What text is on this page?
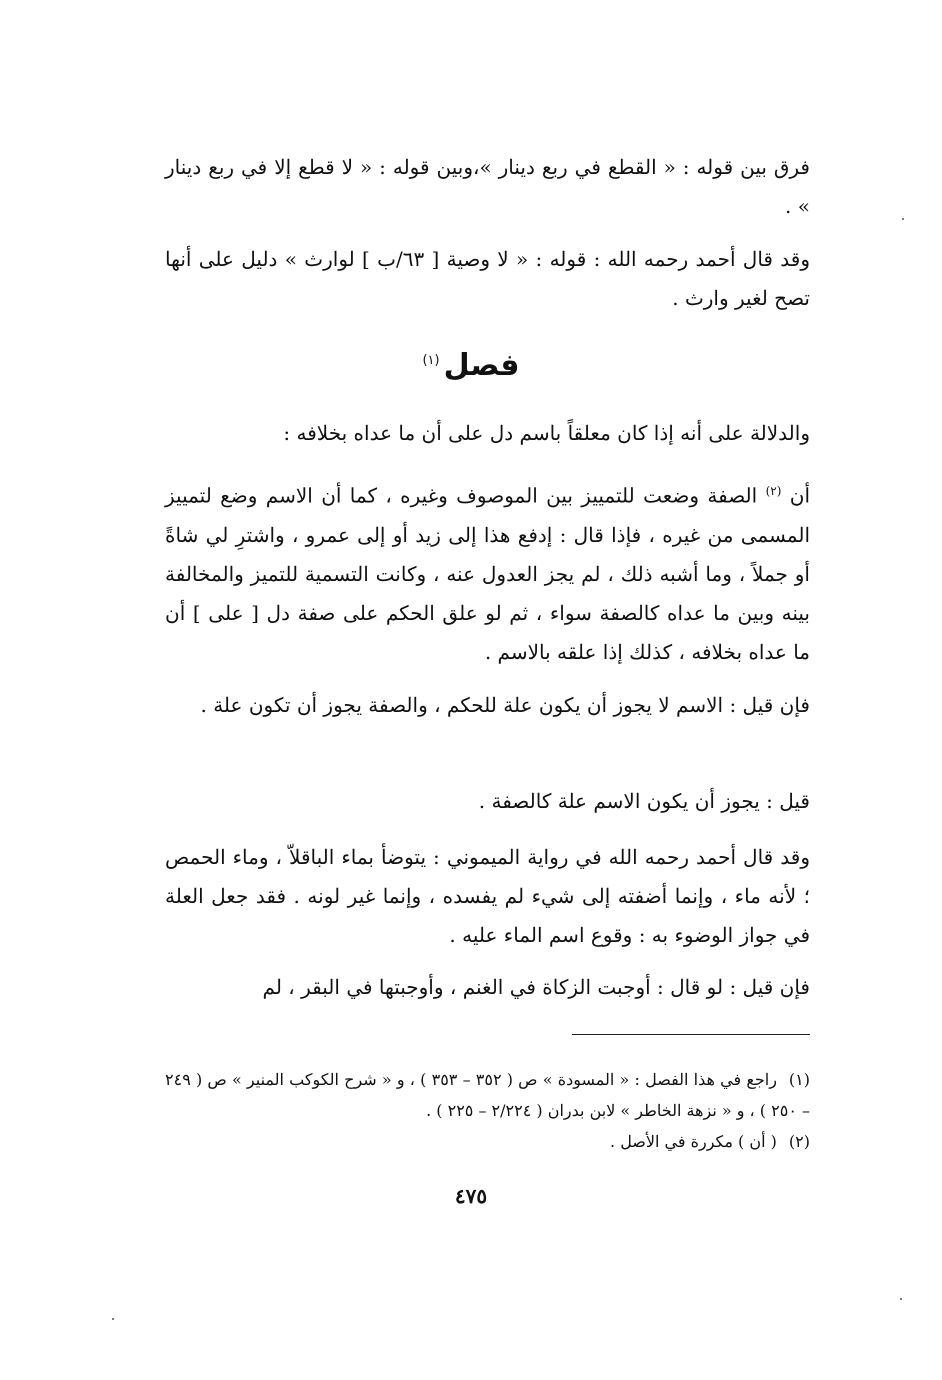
فرق بين قوله : « القطع في ربع دينار »،وبين قوله : « لا قطع إلا في ربع دينار » .

وقد قال أحمد رحمه الله : قوله : « لا وصية [ ٦٣/ب ] لوارث » دليل على أنها تصح لغير وارث .

فصل$^{(١)}$

والدلالة على أنه إذا كان معلقاً باسم دل على أن ما عداه بخلافه :

أن $^{(٢)}$ الصفة وضعت للتمييز بين الموصوف وغيره ، كما أن الاسم وضع لتمييز المسمى من غيره ، فإذا قال : إدفع هذا إلى زيد أو إلى عمرو ، واشترِ لي شاةً أو جملاً ، وما أشبه ذلك ، لم يجز العدول عنه ، وكانت التسمية للتميز والمخالفة بينه وبين ما عداه كالصفة سواء ، ثم لو علق الحكم على صفة دل [ على ] أن ما عداه بخلافه ، كذلك إذا علقه بالاسم .

فإن قيل : الاسم لا يجوز أن يكون علة للحكم ، والصفة يجوز أن تكون علة .

قيل : يجوز أن يكون الاسم علة كالصفة .

وقد قال أحمد رحمه الله في رواية الميموني : يتوضأ بماء الباقلاّ ، وماء الحمص ؛ لأنه ماء ، وإنما أضفته إلى شيء لم يفسده ، وإنما غير لونه . فقد جعل العلة في جواز الوضوء به : وقوع اسم الماء عليه .

فإن قيل : لو قال : أوجبت الزكاة في الغنم ، وأوجبتها في البقر ، لم

(١)راجع في هذا الفصل : « المسودة » ص ( ٣٥٢ – ٣٥٣ ) ، و « شرح الكوكب المنير » ص ( ٢٤٩ – ٢٥٠ ) ، و « نزهة الخاطر » لابن بدران ( ٢/٢٢٤ – ٢٢٥ ) .

(٢)( أن ) مكررة في الأصل .

٤٧٥
